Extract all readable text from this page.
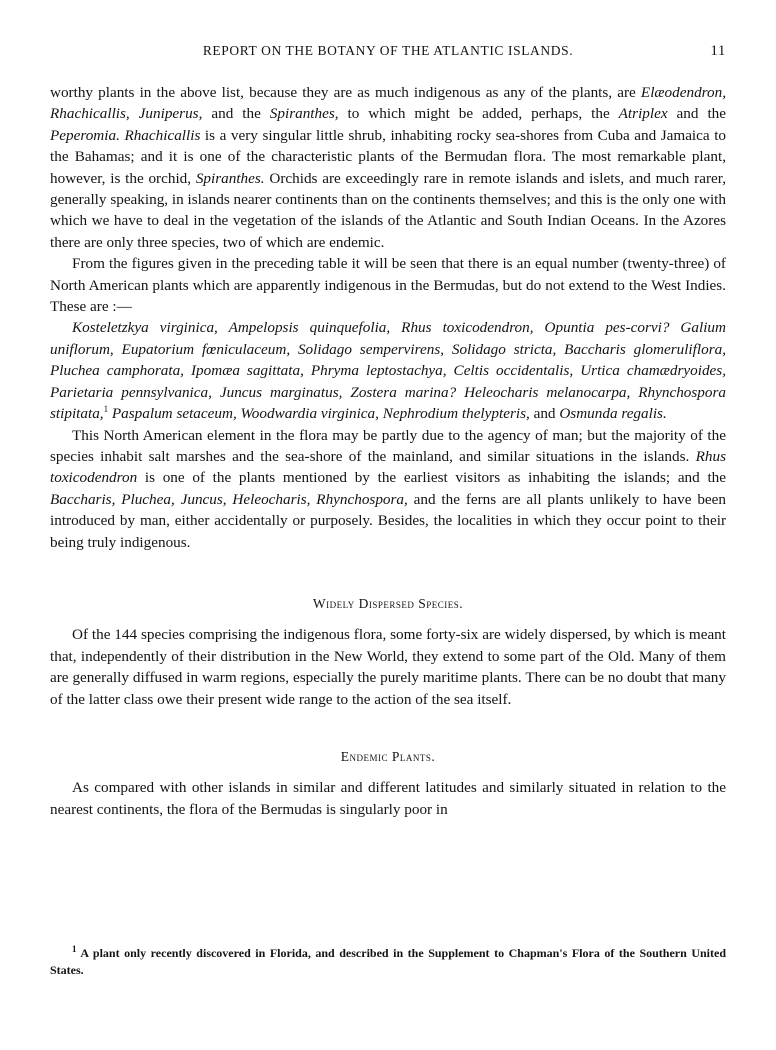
REPORT ON THE BOTANY OF THE ATLANTIC ISLANDS.	11

worthy plants in the above list, because they are as much indigenous as any of the plants, are Elæodendron, Rhachicallis, Juniperus, and the Spiranthes, to which might be added, perhaps, the Atriplex and the Peperomia. Rhachicallis is a very singular little shrub, inhabiting rocky sea-shores from Cuba and Jamaica to the Bahamas; and it is one of the characteristic plants of the Bermudan flora. The most remarkable plant, however, is the orchid, Spiranthes. Orchids are exceedingly rare in remote islands and islets, and much rarer, generally speaking, in islands nearer continents than on the continents themselves; and this is the only one with which we have to deal in the vegetation of the islands of the Atlantic and South Indian Oceans. In the Azores there are only three species, two of which are endemic.

From the figures given in the preceding table it will be seen that there is an equal number (twenty-three) of North American plants which are apparently indigenous in the Bermudas, but do not extend to the West Indies. These are :—

Kosteletzkya virginica, Ampelopsis quinquefolia, Rhus toxicodendron, Opuntia pes-corvi? Galium uniflorum, Eupatorium fœniculaceum, Solidago sempervirens, Solidago stricta, Baccharis glomeruliflora, Pluchea camphorata, Ipomæa sagittata, Phryma leptostachya, Celtis occidentalis, Urtica chamædryoides, Parietaria pennsylvanica, Juncus marginatus, Zostera marina? Heleocharis melanocarpa, Rhynchospora stipitata,$^1$ Paspalum setaceum, Woodwardia virginica, Nephrodium thelypteris, and Osmunda regalis.

This North American element in the flora may be partly due to the agency of man; but the majority of the species inhabit salt marshes and the sea-shore of the mainland, and similar situations in the islands. Rhus toxicodendron is one of the plants mentioned by the earliest visitors as inhabiting the islands; and the Baccharis, Pluchea, Juncus, Heleocharis, Rhynchospora, and the ferns are all plants unlikely to have been introduced by man, either accidentally or purposely. Besides, the localities in which they occur point to their being truly indigenous.

Widely Dispersed Species.

Of the 144 species comprising the indigenous flora, some forty-six are widely dispersed, by which is meant that, independently of their distribution in the New World, they extend to some part of the Old. Many of them are generally diffused in warm regions, especially the purely maritime plants. There can be no doubt that many of the latter class owe their present wide range to the action of the sea itself.

Endemic Plants.

As compared with other islands in similar and different latitudes and similarly situated in relation to the nearest continents, the flora of the Bermudas is singularly poor in

$^1$ A plant only recently discovered in Florida, and described in the Supplement to Chapman's Flora of the Southern United States.
